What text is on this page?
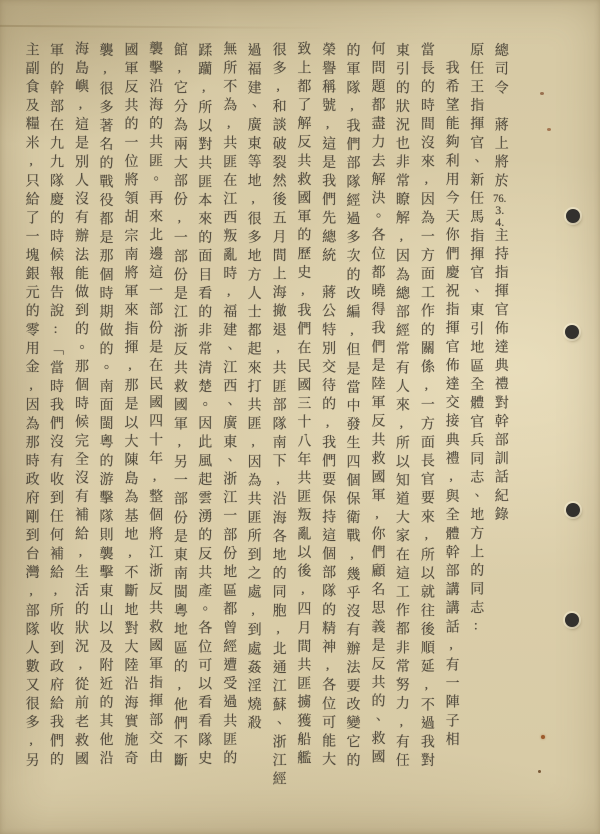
總司令　蔣上將於76.3.4.主持指揮官佈達典禮對幹部訓話紀錄
原任王指揮官、新任馬指揮官、東引地區全體官兵同志、地方上的同志:
　我希望能夠利用今天你們慶祝指揮官佈達交接典禮,與全體幹部講講話,有一陣子相
當長的時間沒來,因為一方面工作的關係,一方面長官要來,所以就往後順延,不過我對
東引的狀況也非常瞭解,因為總部經常有人來,所以知道大家在這工作都非常努力,有任
何問題都盡力去解決。各位都曉得我們是陸軍反共救國軍,你們顧名思義是反共的、救國
的軍隊,我們部隊經過多次的改編,但是當中發生四個保衛戰,幾乎沒有辦法要改變它的
榮譽稱號,這是我們先總統　蔣公特別交待的,我們要保持這個部隊的精神,各位可能大
致上都了解反共救國軍的歷史,我們在民國三十八年共匪叛亂以後,四月間共匪擄獲船艦
很多,和談破裂然後五月間上海撤退,共匪部隊南下,沿海各地的同胞,北通江蘇、浙江經
過福建、廣東等地,很多地方人士都起來打共匪,因為共匪所到之處,到處姦淫燒殺
無所不為,共匪在江西叛亂時,福建、江西、廣東、浙江一部份地區都曾經遭受過共匪的
蹂躪,所以對共匪本來的面目看的非常清楚。因此風起雲湧的反共產。各位可以看看隊史
館,它分為兩大部份,一部份是江浙反共救國軍,另一部份是東南閩粵地區的,他們不斷
襲擊沿海的共匪。再來北邊這一部份是在民國四十年,整個將江浙反共救國軍指揮部交由
國軍反共的一位將領胡宗南將軍來指揮,那是以大陳島為基地,不斷地對大陸沿海實施奇
襲,很多著名的戰役都是那個時期做的。南面閩粵的游擊隊則襲擊東山以及附近的其他沿
海島嶼,這是別人沒有辦法能做到的。那個時候完全沒有補給,生活的狀況,從前老救國
軍的幹部在九九隊慶的時候報告說:「當時我們沒有收到任何補給,所收到政府給我們的
主副食及糧米,只給了一塊銀元的零用金,因為那時政府剛到台灣,部隊人數又很多,另
